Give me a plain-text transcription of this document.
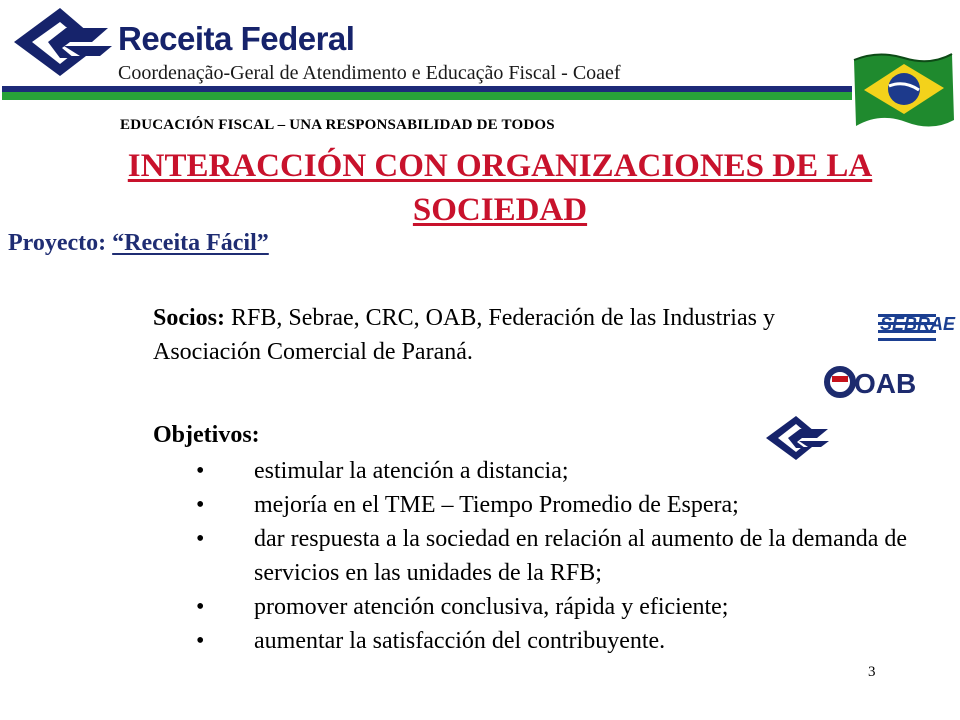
Receita Federal
Coordenação-Geral de Atendimento e Educação Fiscal - Coaef
EDUCACIÓN FISCAL – UNA RESPONSABILIDAD DE TODOS
INTERACCIÓN CON ORGANIZACIONES DE LA SOCIEDAD
Proyecto: “Receita Fácil”
Socios: RFB, Sebrae, CRC, OAB, Federación de las Industrias y Asociación Comercial de Paraná.
SEBRAE
OAB
Objetivos:
• estimular la atención a distancia;
• mejoría en el TME – Tiempo Promedio de Espera;
• dar respuesta a la sociedad en relación al aumento de la demanda de servicios en las unidades de la RFB;
• promover atención conclusiva, rápida y eficiente;
• aumentar la satisfacción del contribuyente.
3
